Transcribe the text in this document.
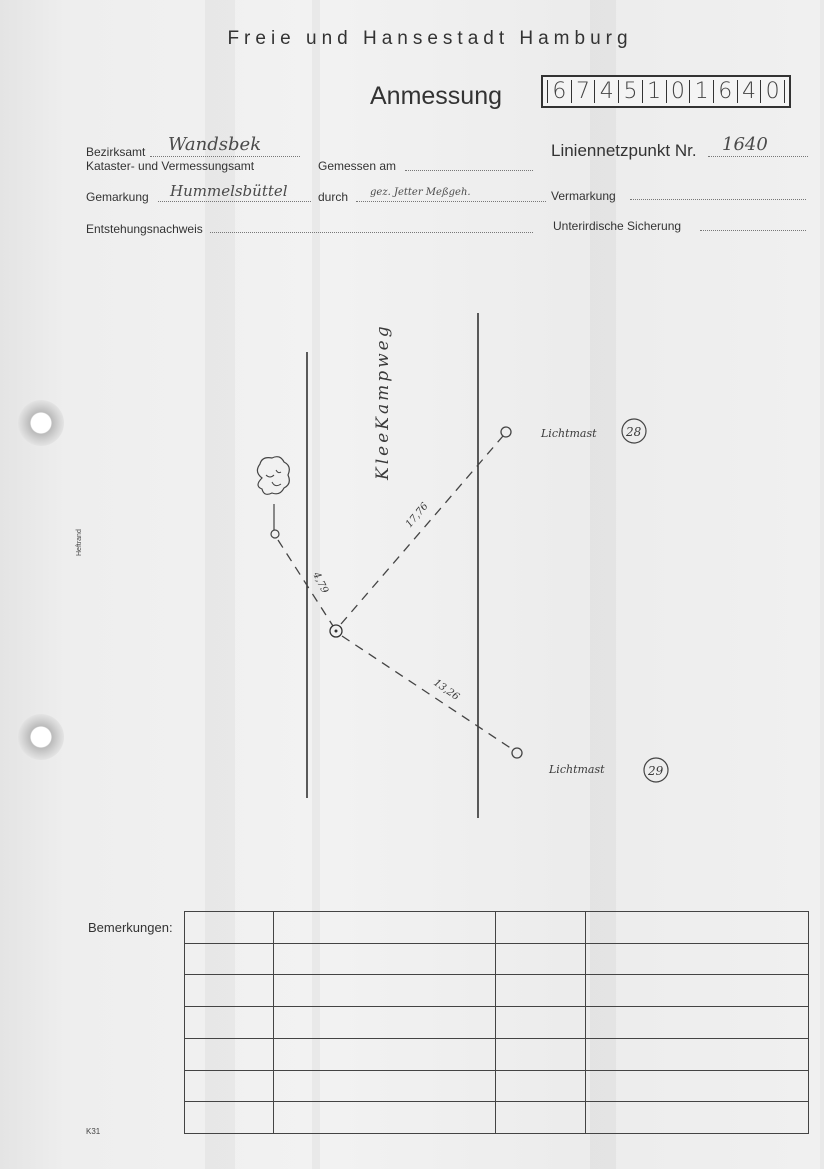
Heftrand
Freie und Hansestadt Hamburg
Anmessung 6 7 4 5 1 0 1 6 4 0
Bezirksamt Wandsbek
Kataster- und Vermessungsamt	Gemessen am
Gemarkung Hummelsbüttel	durch gez. Jetter Meßgeh.
Entstehungsnachweis
Liniennetzpunkt Nr. 1640
Vermarkung
Unterirdische Sicherung
KleeKampweg
4,79
17,76
13,26
Lichtmast 28
Lichtmast	29
Bemerkungen:

K31
